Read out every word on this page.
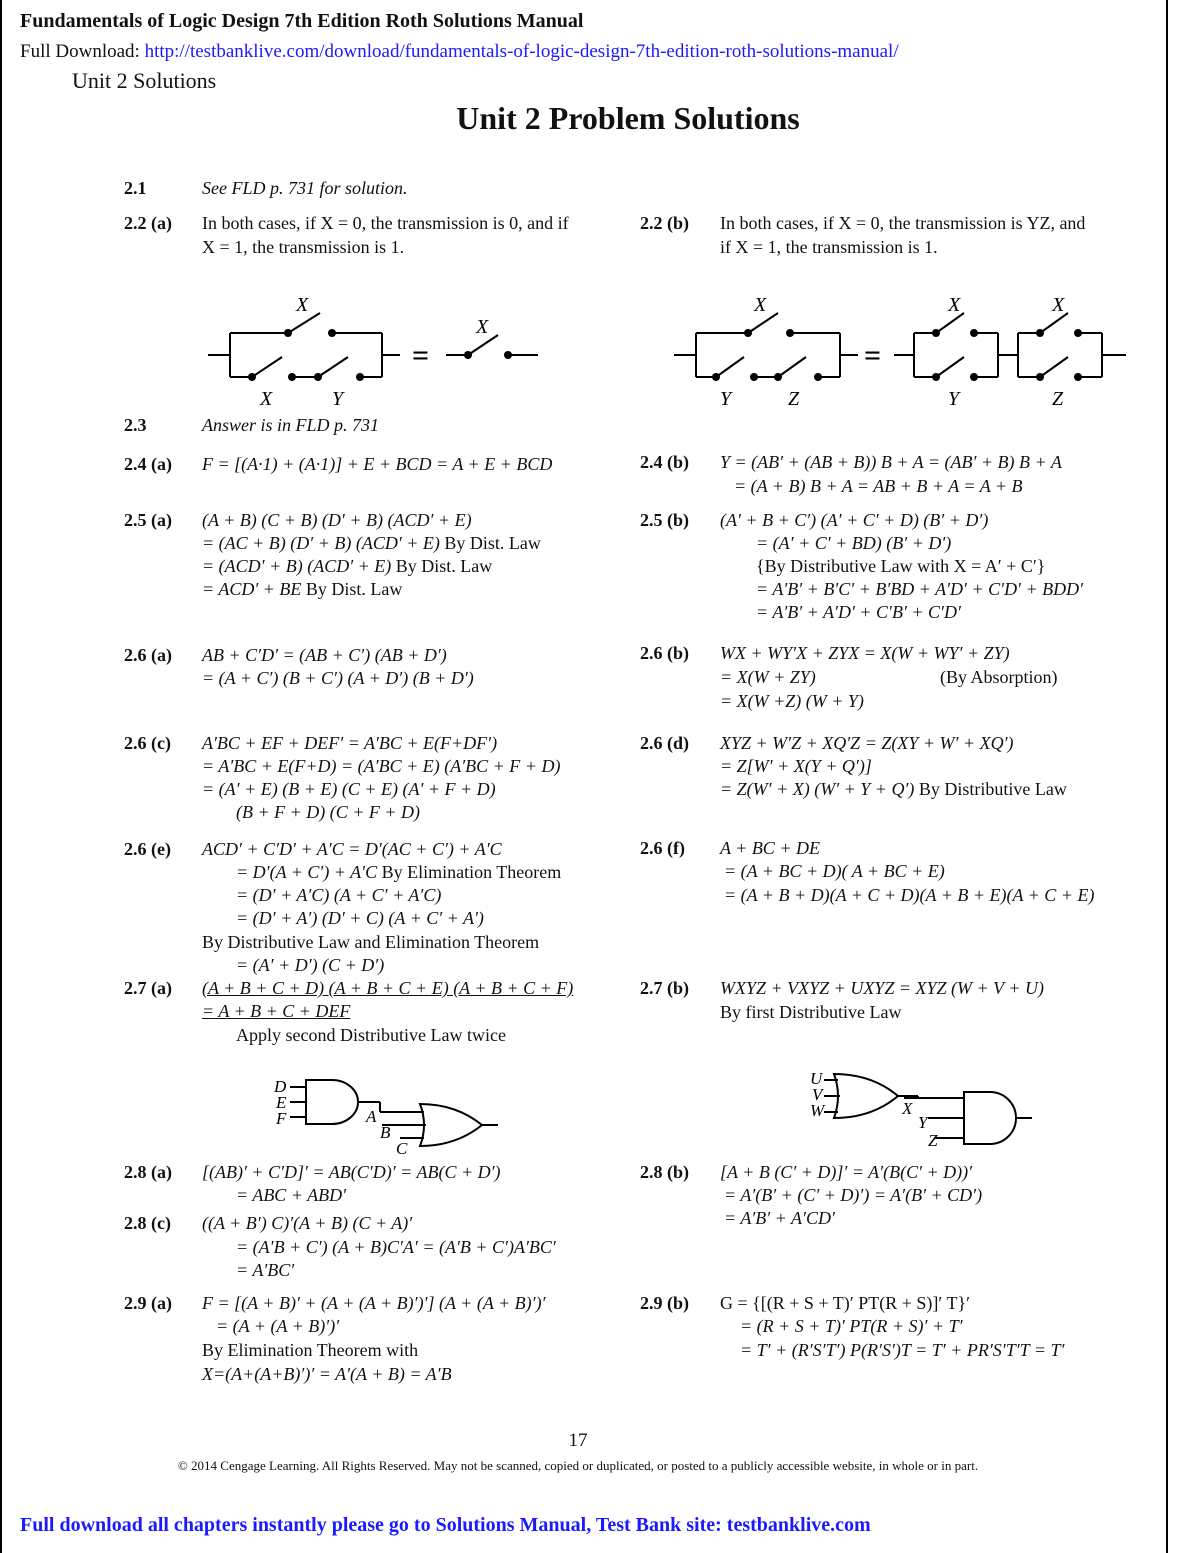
Fundamentals of Logic Design 7th Edition Roth Solutions Manual
Full Download: http://testbanklive.com/download/fundamentals-of-logic-design-7th-edition-roth-solutions-manual/
Unit 2 Solutions
Unit 2 Problem Solutions
2.1	See FLD p. 731 for solution.
2.2 (a) In both cases, if X = 0, the transmission is 0, and if
X = 1, the transmission is 1.
2.2 (b) In both cases, if X = 0, the transmission is YZ, and
if X = 1, the transmission is 1.
X
X	Y
X
=
X
Y	Z
X
Y
X
Z
=
2.3	Answer is in FLD p. 731
2.4 (a) F = [(A·1) + (A·1)] + E + BCD = A + E + BCD	2.4 (b) Y = (AB′ + (AB + B)) B + A = (AB′ + B) B + A
= (A + B) B + A = AB + B + A = A + B
2.5 (a) (A + B) (C + B) (D′ + B) (ACD′ + E)
= (AC + B) (D′ + B) (ACD′ + E) By Dist. Law
= (ACD′ + B) (ACD′ + E) By Dist. Law
= ACD′ + BE By Dist. Law
2.5 (b) (A′ + B + C′) (A′ + C′ + D) (B′ + D′)
= (A′ + C′ + BD) (B′ + D′)
{By Distributive Law with X = A′ + C′}
= A′B′ + B′C′ + B′BD + A′D′ + C′D′ + BDD′
= A′B′ + A′D′ + C′B′ + C′D′
2.6 (a) AB + C′D′ = (AB + C′) (AB + D′)
= (A + C′) (B + C′) (A + D′) (B + D′)
2.6 (b) WX + WY′X + ZYX = X(W + WY′ + ZY)
= X(W + ZY)	(By Absorption)
= X(W +Z) (W + Y)
2.6 (c) A′BC + EF + DEF′ = A′BC + E(F+DF′)
= A′BC + E(F+D) = (A′BC + E) (A′BC + F + D)
= (A′ + E) (B + E) (C + E) (A′ + F + D)
(B + F + D) (C + F + D)
2.6 (d) XYZ + W′Z + XQ′Z = Z(XY + W′ + XQ′)
= Z[W′ + X(Y + Q′)]
= Z(W′ + X) (W′ + Y + Q′) By Distributive Law
2.6 (e) ACD′ + C′D′ + A′C = D′(AC + C′) + A′C
= D′(A + C′) + A′C By Elimination Theorem
= (D′ + A′C) (A + C′ + A′C)
= (D′ + A′) (D′ + C) (A + C′ + A′)
By Distributive Law and Elimination Theorem
= (A′ + D′) (C + D′)
2.6 (f) A + BC + DE
= (A + BC + D)( A + BC + E)
= (A + B + D)(A + C + D)(A + B + E)(A + C + E)
2.7 (a) (A + B + C + D) (A + B + C + E) (A + B + C + F)
= A + B + C + DEF
Apply second Distributive Law twice
2.7 (b) WXYZ + VXYZ + UXYZ = XYZ (W + V + U)
By first Distributive Law
D
E
F	A
B
C
U
V
W	X
Y
Z
2.8 (a) [(AB)′ + C′D]′ = AB(C′D)′ = AB(C + D′)
= ABC + ABD′
2.8 (b) [A + B (C′ + D)]′ = A′(B(C′ + D))′
= A′(B′ + (C′ + D)′) = A′(B′ + CD′)
= A′B′ + A′CD′
2.8 (c) ((A + B′) C)′(A + B) (C + A)′
= (A′B + C′) (A + B)C′A′ = (A′B + C′)A′BC′
= A′BC′
2.9 (a) F = [(A + B)′ + (A + (A + B)′)′] (A + (A + B)′)′
= (A + (A + B)′)′
By Elimination Theorem with
X=(A+(A+B)′)′ = A′(A + B) = A′B
2.9 (b) G = {[(R + S + T)′ PT(R + S)]′ T}′
= (R + S + T)′ PT(R + S)′ + T′
= T′ + (R′S′T′) P(R′S′)T = T′ + PR′S′T′T = T′
17
© 2014 Cengage Learning. All Rights Reserved. May not be scanned, copied or duplicated, or posted to a publicly accessible website, in whole or in part.
Full download all chapters instantly please go to Solutions Manual, Test Bank site: testbanklive.com
